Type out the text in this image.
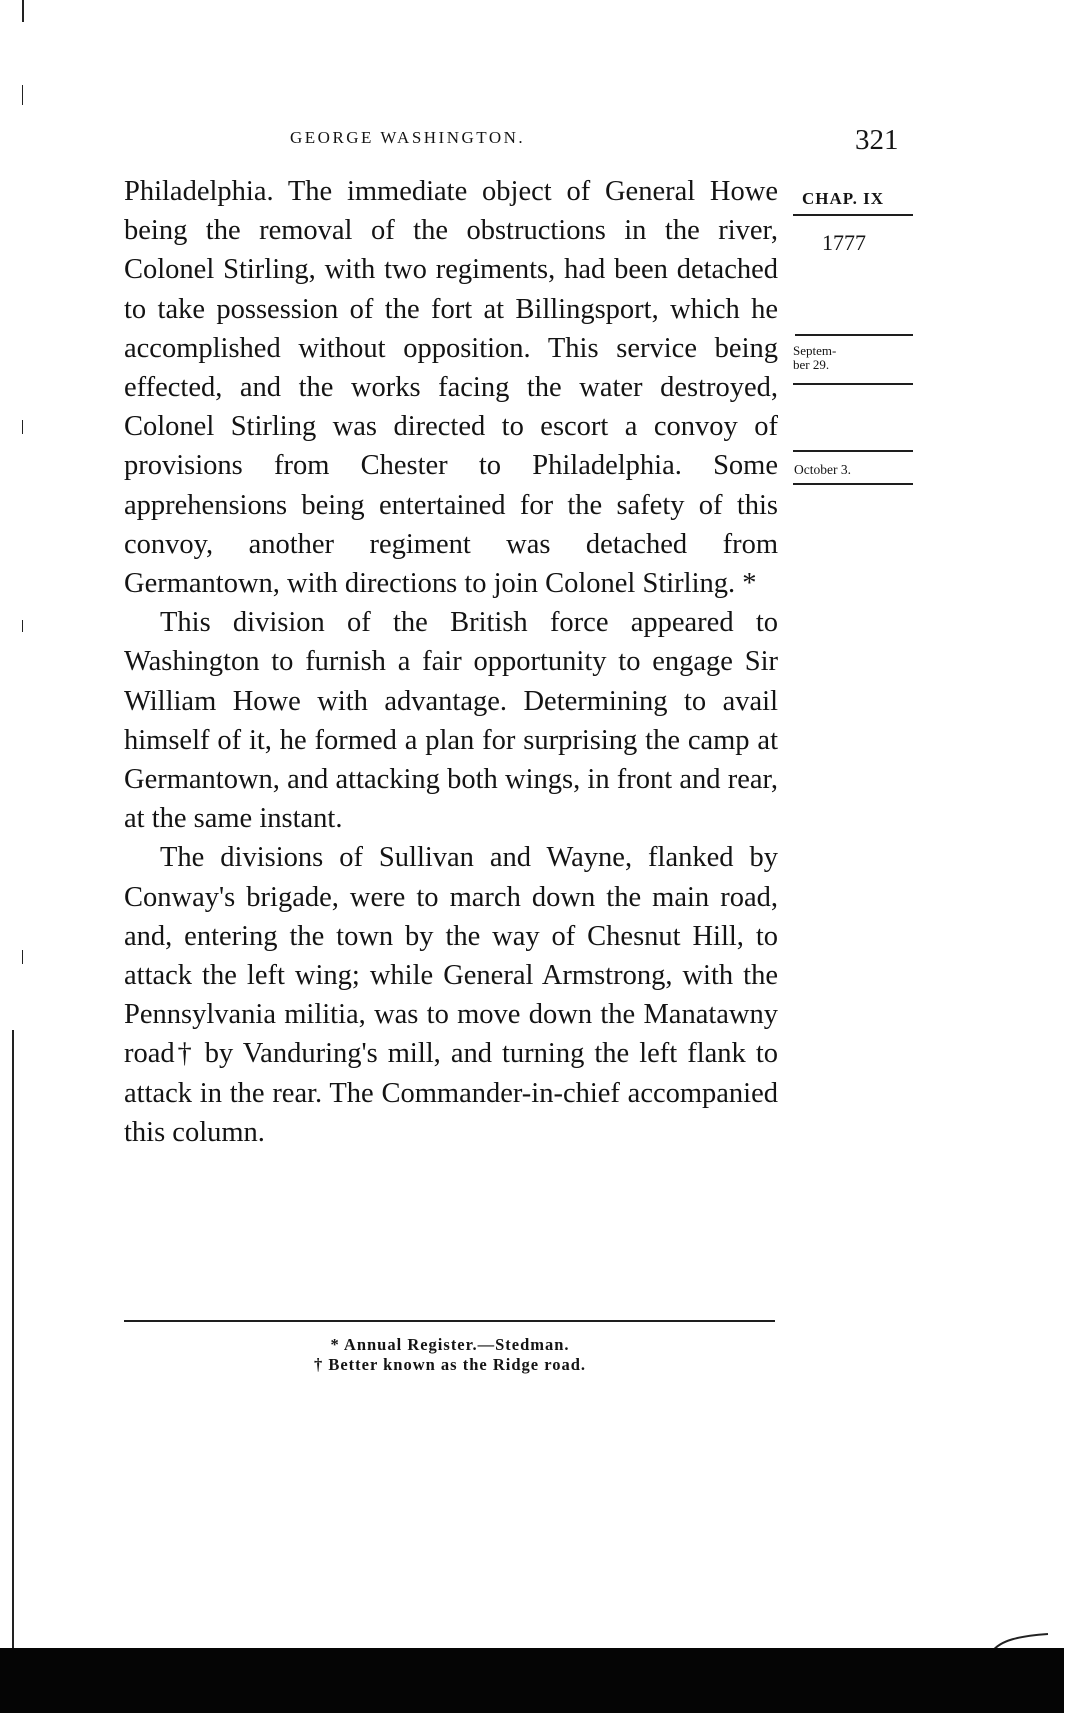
GEORGE WASHINGTON.	321
CHAP. IX
1777
Septem-
ber 29.
October 3.

Philadelphia. The immediate object of General Howe being the removal of the obstructions in the river, Colonel Stirling, with two regiments, had been detached to take possession of the fort at Billingsport, which he accomplished without opposition. This service being effected, and the works facing the water destroyed, Colonel Stirling was directed to escort a convoy of provisions from Chester to Philadelphia. Some apprehensions being entertained for the safety of this convoy, another regiment was detached from Germantown, with directions to join Colonel Stirling. *

This division of the British force appeared to Washington to furnish a fair opportunity to engage Sir William Howe with advantage. Determining to avail himself of it, he formed a plan for surprising the camp at Germantown, and attacking both wings, in front and rear, at the same instant.

The divisions of Sullivan and Wayne, flanked by Conway's brigade, were to march down the main road, and, entering the town by the way of Chesnut Hill, to attack the left wing; while General Armstrong, with the Pennsylvania militia, was to move down the Manatawny road† by Vanduring's mill, and turning the left flank to attack in the rear. The Commander-in-chief accompanied this column.

* Annual Register.—Stedman.
† Better known as the Ridge road.
